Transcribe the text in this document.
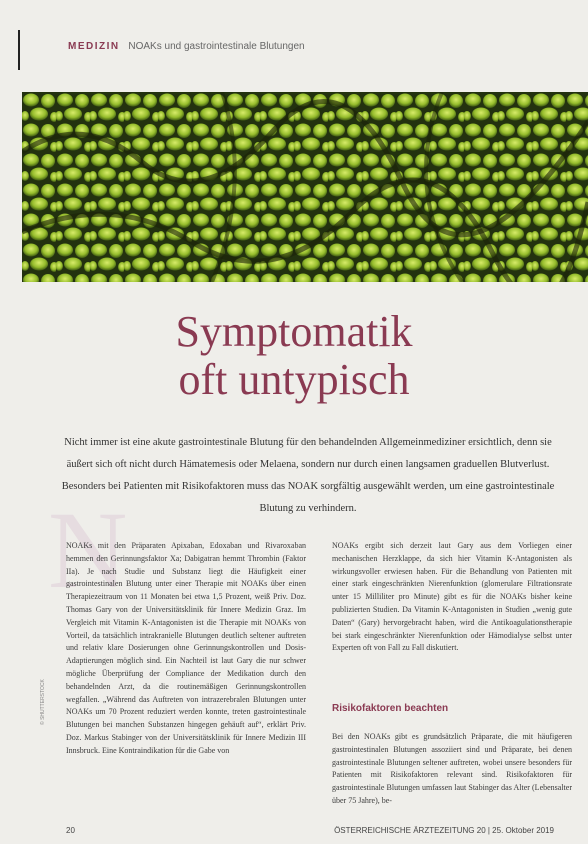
MEDIZIN NOAKs und gastrointestinale Blutungen
Symptomatik
oft untypisch
Nicht immer ist eine akute gastrointestinale Blutung für den behandelnden Allgemeinmediziner ersichtlich, denn sie äußert sich oft nicht durch Hämatemesis oder Melaena, sondern nur durch einen langsamen graduellen Blutverlust. Besonders bei Patienten mit Risikofaktoren muss das NOAK sorgfältig ausgewählt werden, um eine gastrointestinale Blutung zu verhindern.
N
NOAKs mit den Präparaten Apixaban, Edoxaban und Rivaroxaban hemmen den Gerinnungsfaktor Xa; Dabigatran hemmt Thrombin (Faktor IIa). Je nach Studie und Substanz liegt die Häufigkeit einer gastrointestinalen Blutung unter einer Therapie mit NOAKs über einen Therapiezeitraum von 11 Monaten bei etwa 1,5 Prozent, weiß Priv. Doz. Thomas Gary von der Universitätsklinik für Innere Medizin Graz. Im Vergleich mit Vitamin K-Antagonisten ist die Therapie mit NOAKs von Vorteil, da tatsächlich intrakranielle Blutungen deutlich seltener auftreten und relativ klare Dosierungen ohne Gerinnungskontrollen und Dosis-Adaptierungen möglich sind. Ein Nachteil ist laut Gary die nur schwer mögliche Überprüfung der Compliance der Medikation durch den behandelnden Arzt, da die routinemäßigen Gerinnungskontrollen wegfallen. „Während das Auftreten von intrazerebralen Blutungen unter NOAKs um 70 Prozent reduziert werden konnte, treten gastrointestinale Blutungen bei manchen Substanzen hingegen gehäuft auf“, erklärt Priv. Doz. Markus Stabinger von der Universitätsklinik für Innere Medizin III Innsbruck. Eine Kontraindikation für die Gabe von
NOAKs ergibt sich derzeit laut Gary aus dem Vorliegen einer mechanischen Herzklappe, da sich hier Vitamin K-Antagonisten als wirkungsvoller erwiesen haben. Für die Behandlung von Patienten mit einer stark eingeschränkten Nierenfunktion (glomerulare Filtrationsrate unter 15 Milliliter pro Minute) gibt es für die NOAKs bisher keine publizierten Studien. Da Vitamin K-Antagonisten in Studien „wenig gute Daten“ (Gary) hervorgebracht haben, wird die Antikoagulationstherapie bei stark eingeschränkter Nierenfunktion oder Hämodialyse selbst unter Experten oft von Fall zu Fall diskutiert.
Risikofaktoren beachten
Bei den NOAKs gibt es grundsätzlich Präparate, die mit häufigeren gastrointestinalen Blutungen assoziiert sind und Präparate, bei denen gastrointestinale Blutungen seltener auftreten, wobei unsere besonders für Patienten mit Risikofaktoren relevant sind. Risikofaktoren für gastrointestinale Blutungen umfassen laut Stabinger das Alter (Lebensalter über 75 Jahre), be-
© SHUTTERSTOCK
20	ÖSTERREICHISCHE ÄRZTEZEITUNG 20 | 25. Oktober 2019
